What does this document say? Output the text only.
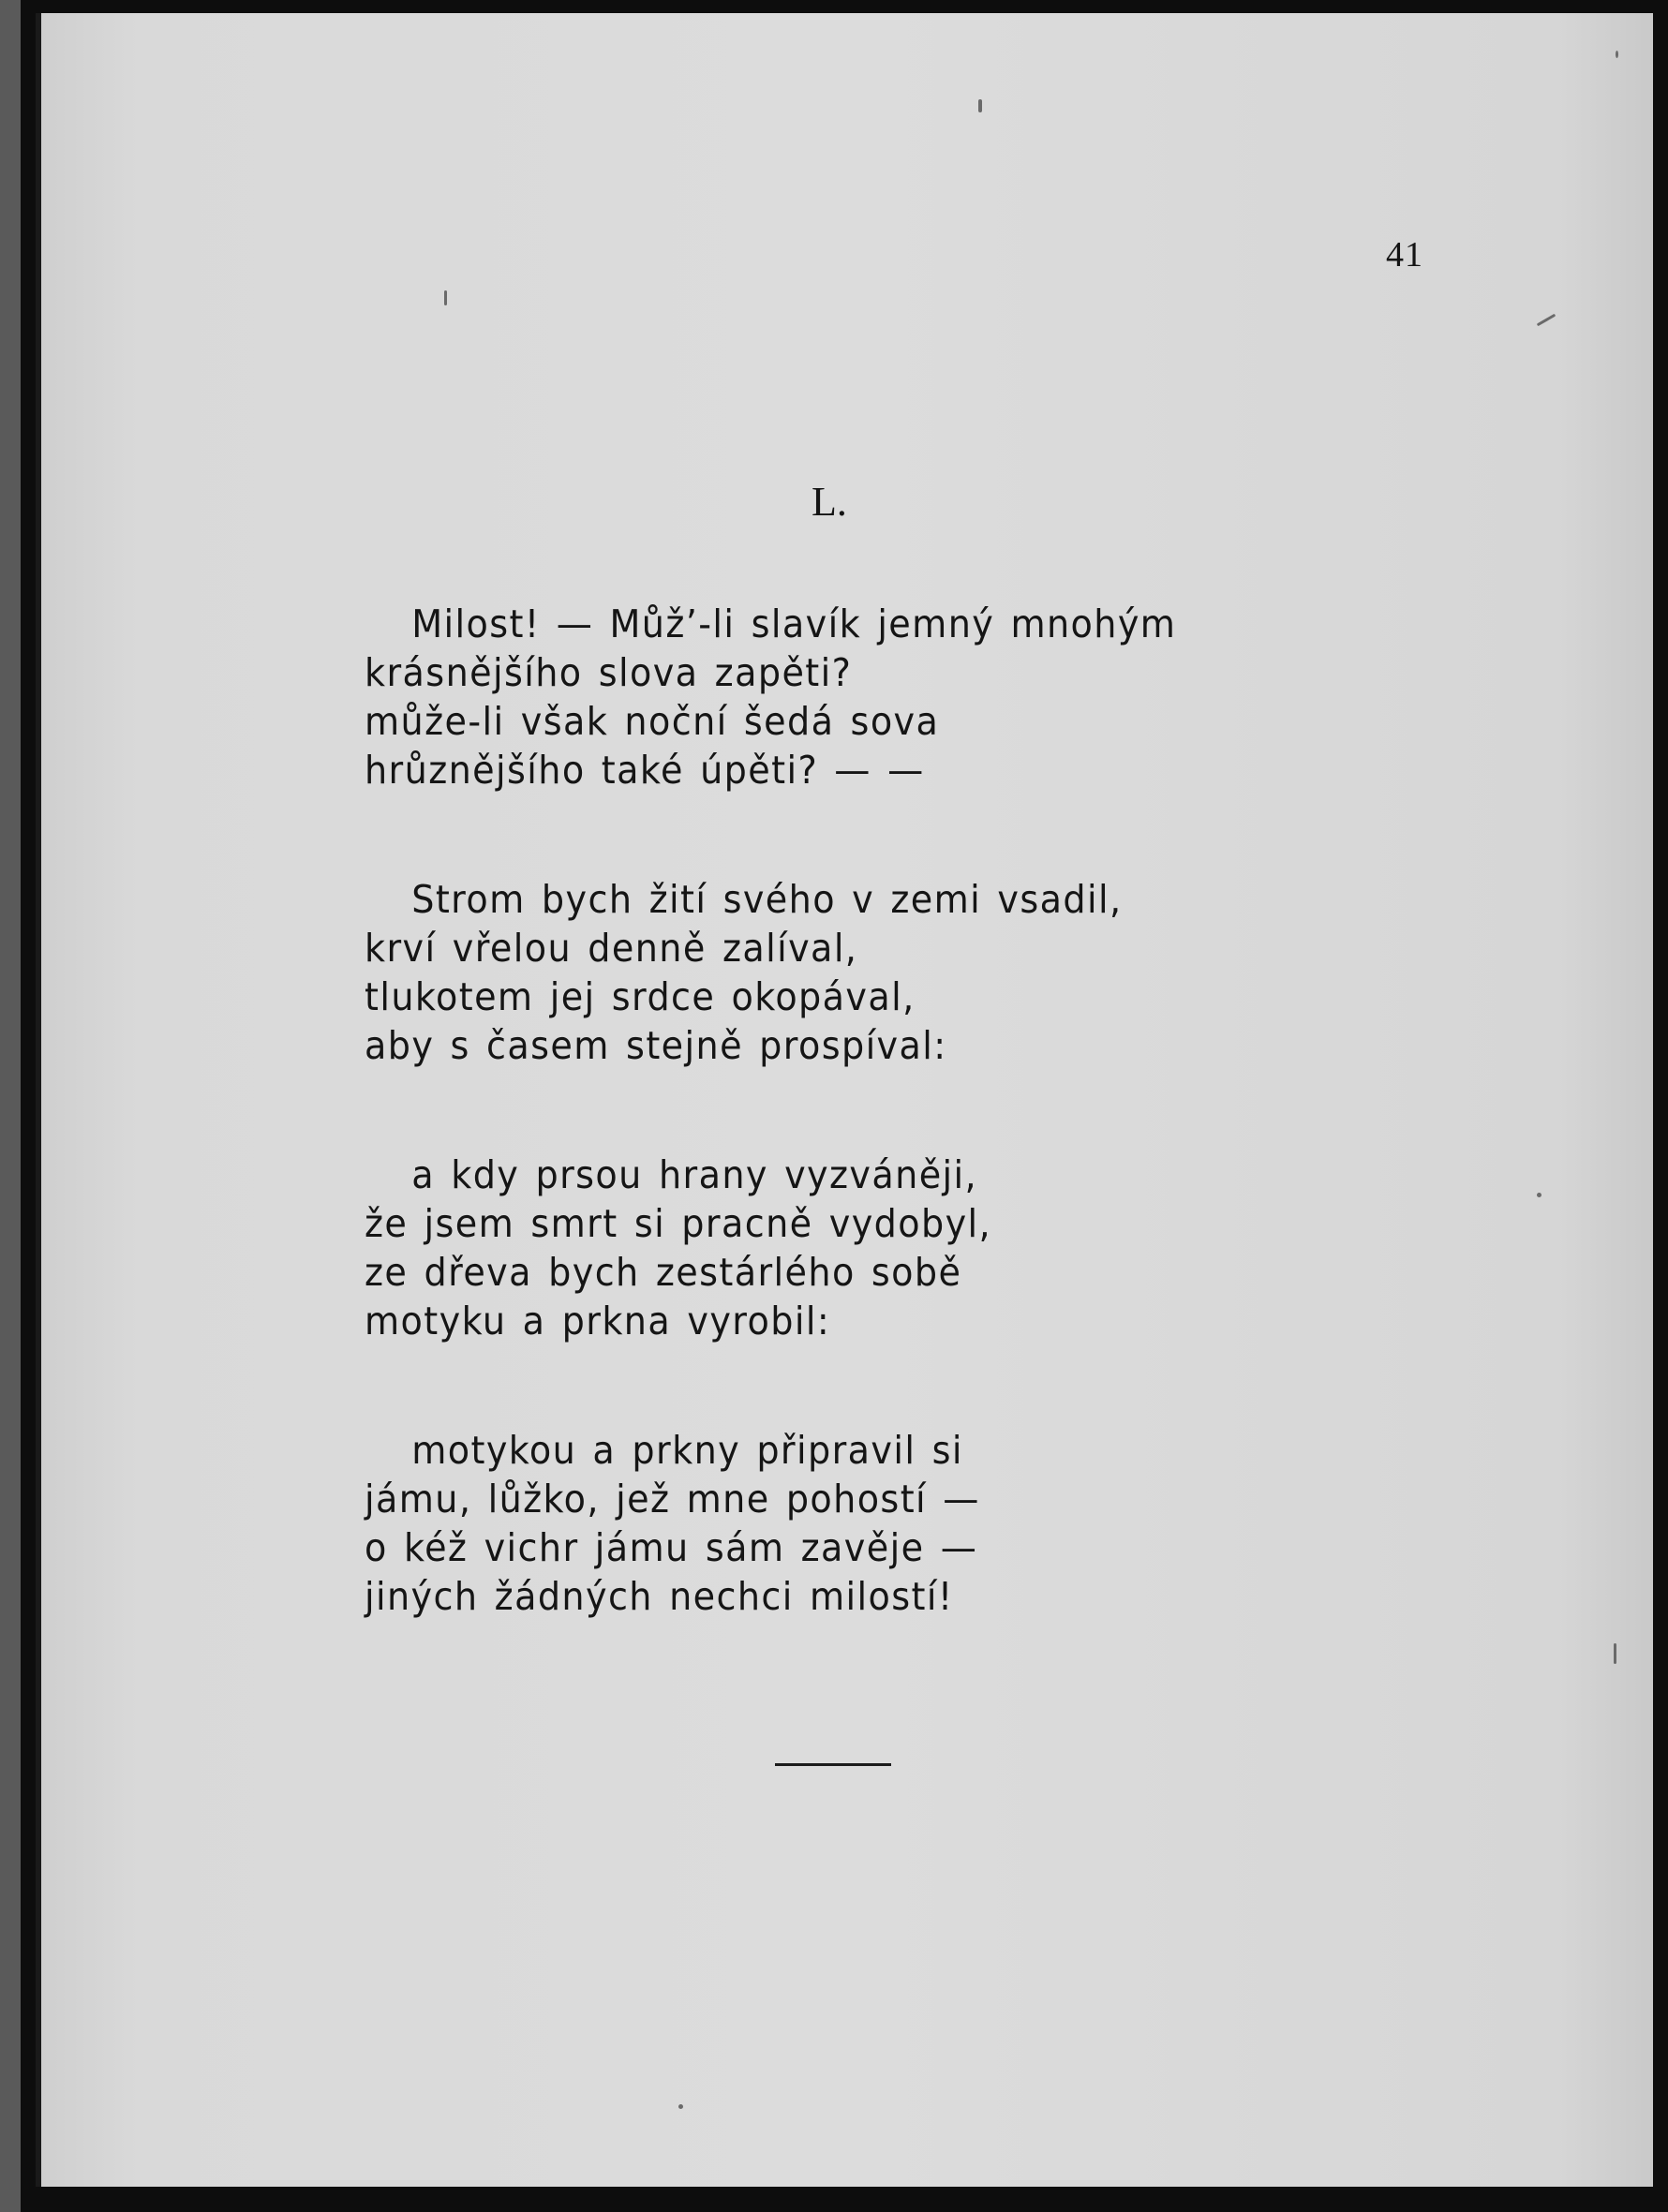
41
L.
Milost! — Můž’-li slavík jemný mnohým
krásnějšího slova zapěti?
může-li však noční šedá sova
hrůznějšího také úpěti? — —
Strom bych žití svého v zemi vsadil,
krví vřelou denně zalíval,
tlukotem jej srdce okopával,
aby s časem stejně prospíval:
a kdy prsou hrany vyzváněji,
že jsem smrt si pracně vydobyl,
ze dřeva bych zestárlého sobě
motyku a prkna vyrobil:
motykou a prkny připravil si
jámu, lůžko, jež mne pohostí —
o kéž vichr jámu sám zavěje —
jiných žádných nechci milostí!
